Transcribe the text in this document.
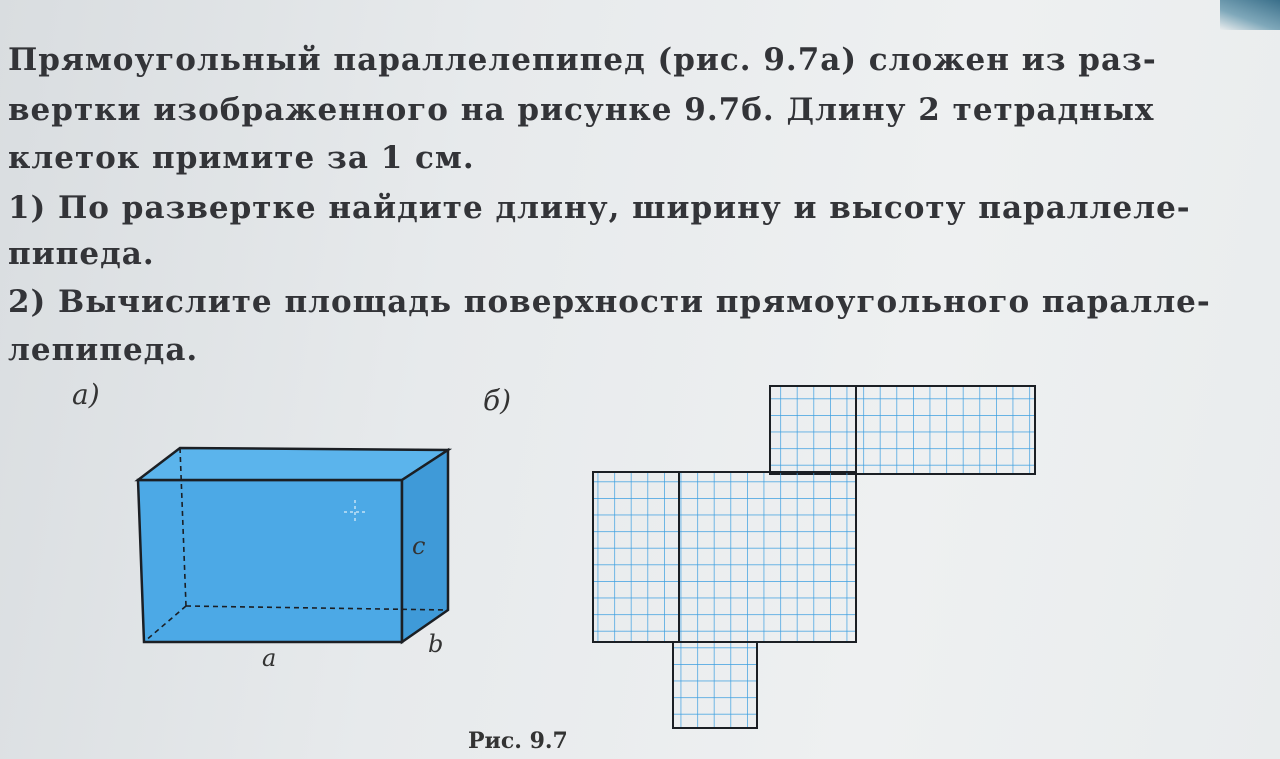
Прямоугольный параллелепипед (рис. 9.7а) сложен из раз-
вертки изображенного на рисунке 9.7б. Длину 2 тетрадных
клеток примите за 1 см.
1) По развертке найдите длину, ширину и высоту параллеле-
пипеда.
2) Вычислите площадь поверхности прямоугольного паралле-
лепипеда.
а)	б)
c
a	b
Рис. 9.7
